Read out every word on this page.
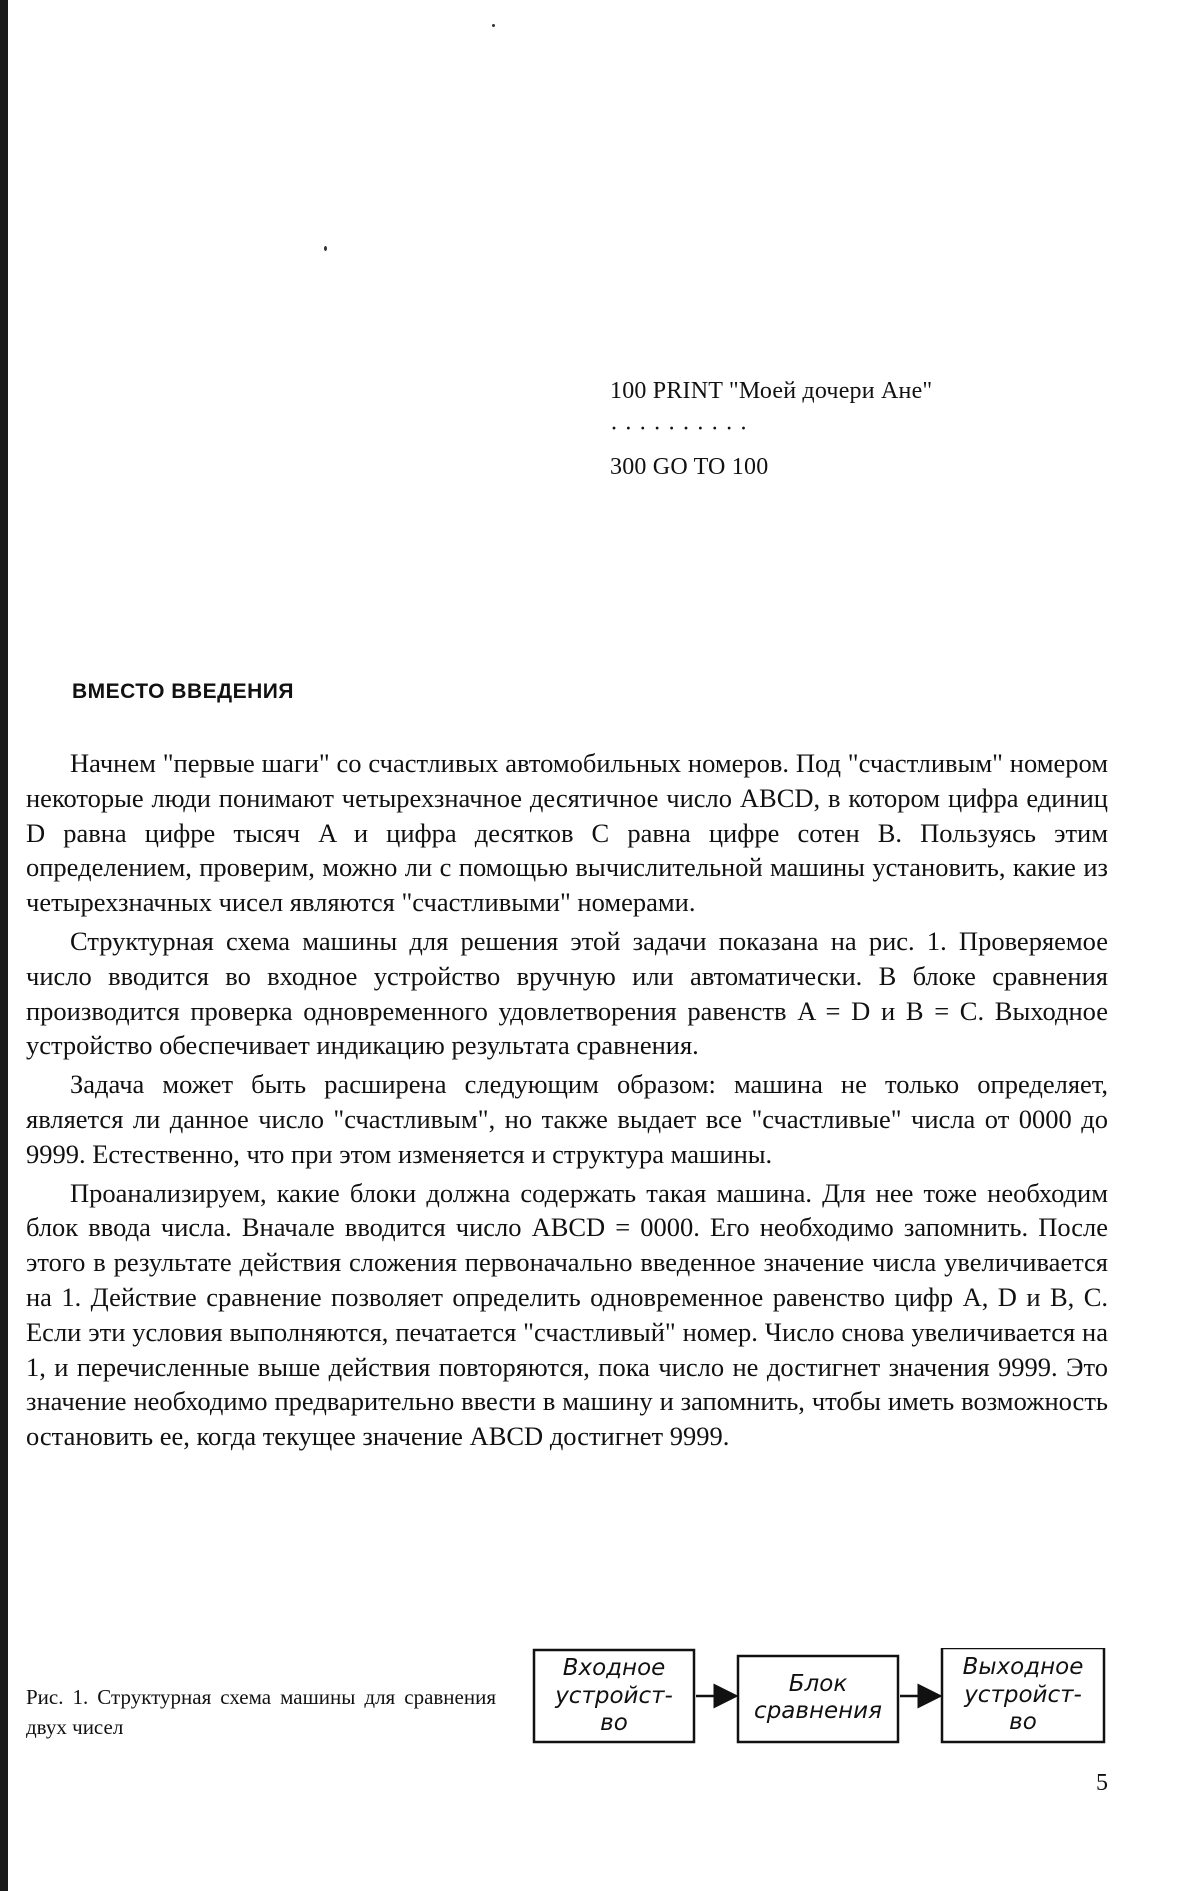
100 PRINT "Моей дочери Ане"
· · · · · · · · · ·
300 GO TO 100
ВМЕСТО ВВЕДЕНИЯ

Начнем "первые шаги" со счастливых автомобильных номеров. Под "счастливым" номером некоторые люди понимают четырехзначное десятичное число ABCD, в котором цифра единиц D равна цифре тысяч A и цифра десятков C равна цифре сотен B. Пользуясь этим определением, проверим, можно ли с помощью вычислительной машины установить, какие из четырехзначных чисел являются "счастливыми" номерами.

Структурная схема машины для решения этой задачи показана на рис. 1. Проверяемое число вводится во входное устройство вручную или автоматически. В блоке сравнения производится проверка одновременного удовлетворения равенств A = D и B = C. Выходное устройство обеспечивает индикацию результата сравнения.

Задача может быть расширена следующим образом: машина не только определяет, является ли данное число "счастливым", но также выдает все "счастливые" числа от 0000 до 9999. Естественно, что при этом изменяется и структура машины.

Проанализируем, какие блоки должна содержать такая машина. Для нее тоже необходим блок ввода числа. Вначале вводится число ABCD = 0000. Его необходимо запомнить. После этого в результате действия сложения первоначально введенное значение числа увеличивается на 1. Действие сравнение позволяет определить одновременное равенство цифр A, D и B, C. Если эти условия выполняются, печатается "счастливый" номер. Число снова увеличивается на 1, и перечисленные выше действия повторяются, пока число не достигнет значения 9999. Это значение необходимо предварительно ввести в машину и запомнить, чтобы иметь возможность остановить ее, когда текущее значение ABCD достигнет 9999.

Рис. 1. Структурная схема машины для сравнения двух чисел
Входное
устройст-
во
Блок
сравнения
Выходное
устройст-
во
5
